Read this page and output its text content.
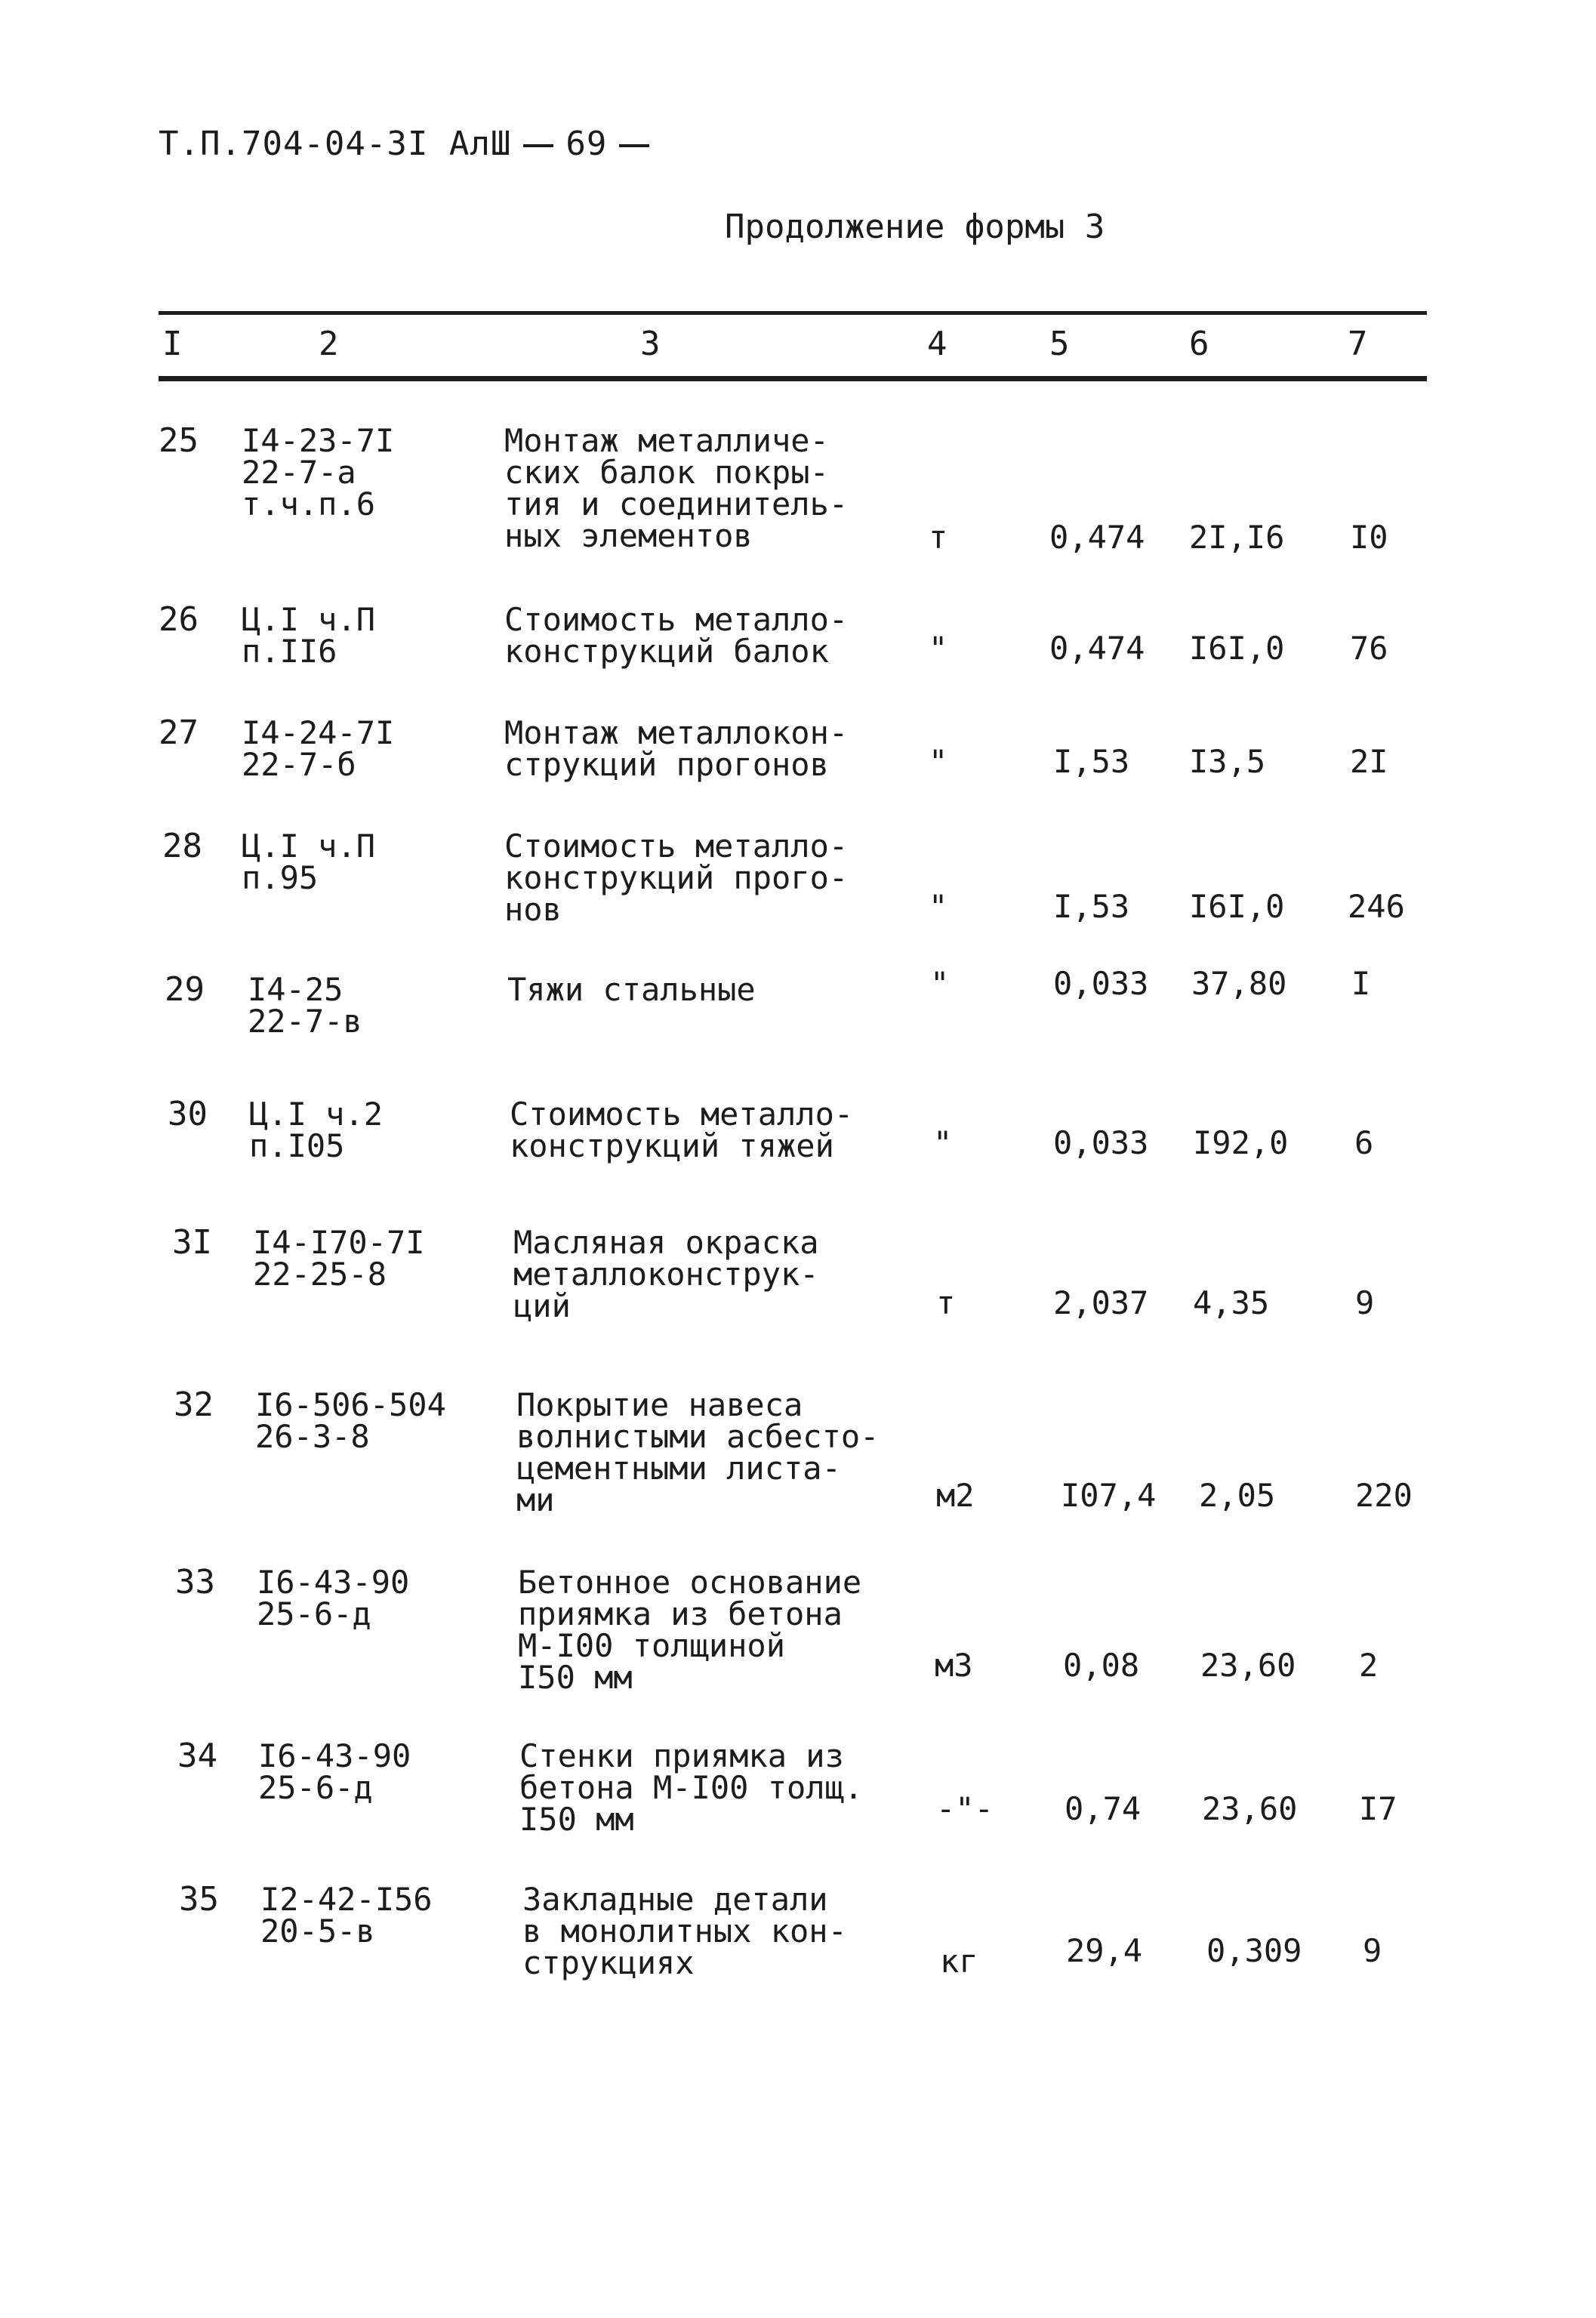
Т.П.704-04-3I АлШ 69
Продолжение формы 3
I	2	3	4	5	6	7
25 I4-23-7I
22-7-а
т.ч.п.6
Монтаж металличе-
ских балок покры-
тия и соединитель-
ных элементов	т	0,474 2I,I6 I0
26 Ц.I ч.П
п.II6
Стоимость металло-
конструкций балок	"	0,474 I6I,0 76
27 I4-24-7I
22-7-б
Монтаж металлокон-
струкций прогонов	"	I,53 I3,5	2I
28 Ц.I ч.П
п.95
Стоимость металло-
конструкций прого-
нов	"	I,53 I6I,0 246
29 I4-25
22-7-в
Тяжи стальные	"	0,033 37,80 I
30 Ц.I ч.2
п.I05
Стоимость металло-
конструкций тяжей	"	0,033 I92,0 6
3I I4-I70-7I
22-25-8
Масляная окраска
металлоконструк-
ций	т	2,037 4,35	9
32 I6-506-504
26-3-8
Покрытие навеса
волнистыми асбесто-
цементными листа-
ми	м2	I07,4 2,05	220
33 I6-43-90
25-6-д
Бетонное основание
приямка из бетона
М-I00 толщиной
I50 мм	м3	0,08 23,60 2
34 I6-43-90
25-6-д
Стенки приямка из
бетона М-I00 толщ.
I50 мм	-"- 0,74 23,60 I7
35 I2-42-I56
20-5-в
Закладные детали
в монолитных кон-
струкциях	кг	29,4 0,309 9
